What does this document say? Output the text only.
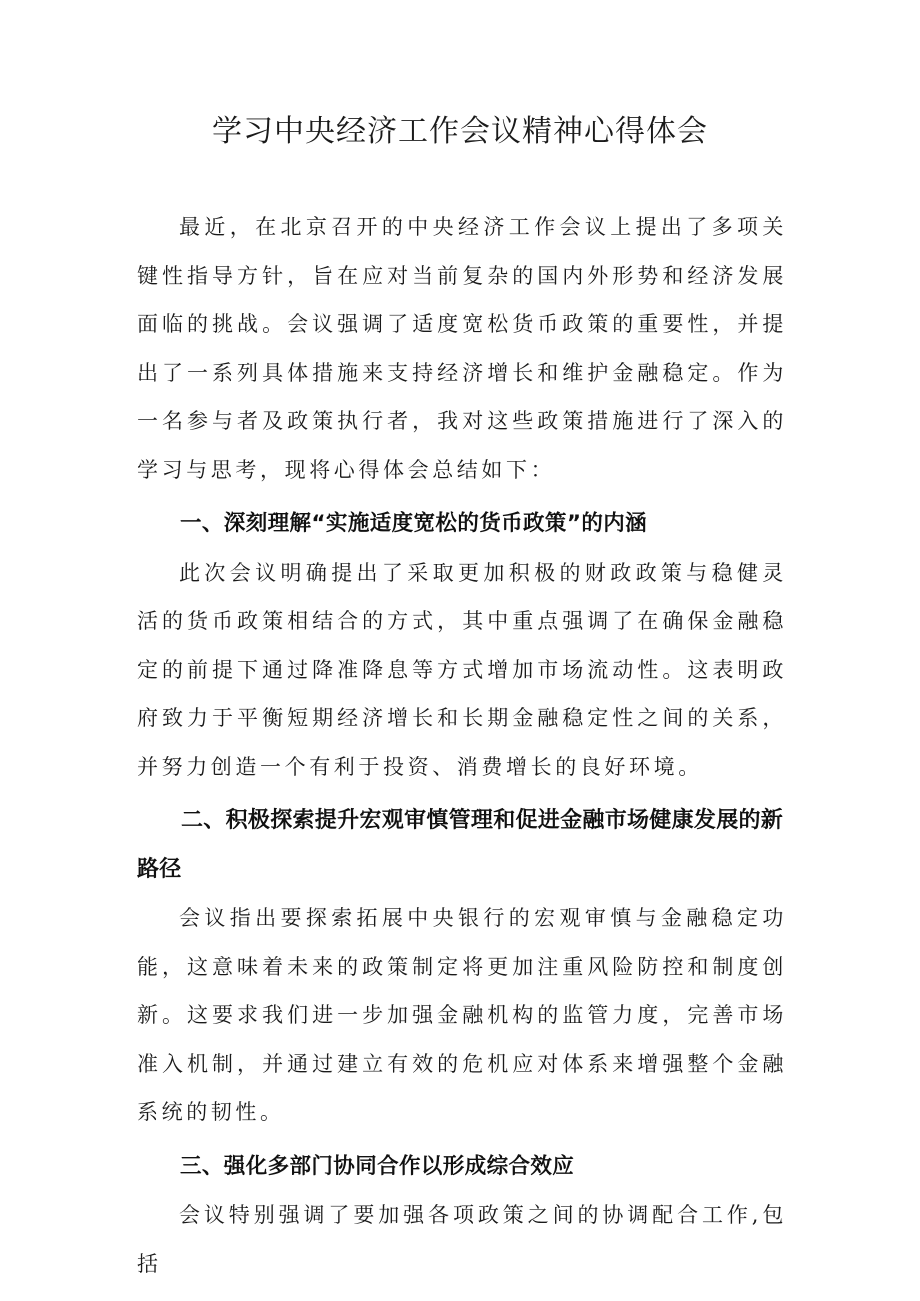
学习中央经济工作会议精神心得体会

最近，在北京召开的中央经济工作会议上提出了多项关键性指导方针，旨在应对当前复杂的国内外形势和经济发展面临的挑战。会议强调了适度宽松货币政策的重要性，并提出了一系列具体措施来支持经济增长和维护金融稳定。作为一名参与者及政策执行者，我对这些政策措施进行了深入的学习与思考，现将心得体会总结如下：

一、深刻理解“实施适度宽松的货币政策”的内涵

此次会议明确提出了采取更加积极的财政政策与稳健灵活的货币政策相结合的方式，其中重点强调了在确保金融稳定的前提下通过降准降息等方式增加市场流动性。这表明政府致力于平衡短期经济增长和长期金融稳定性之间的关系，并努力创造一个有利于投资、消费增长的良好环境。

二、积极探索提升宏观审慎管理和促进金融市场健康发展的新路径

会议指出要探索拓展中央银行的宏观审慎与金融稳定功能，这意味着未来的政策制定将更加注重风险防控和制度创新。这要求我们进一步加强金融机构的监管力度，完善市场准入机制，并通过建立有效的危机应对体系来增强整个金融系统的韧性。

三、强化多部门协同合作以形成综合效应

会议特别强调了要加强各项政策之间的协调配合工作,包括
